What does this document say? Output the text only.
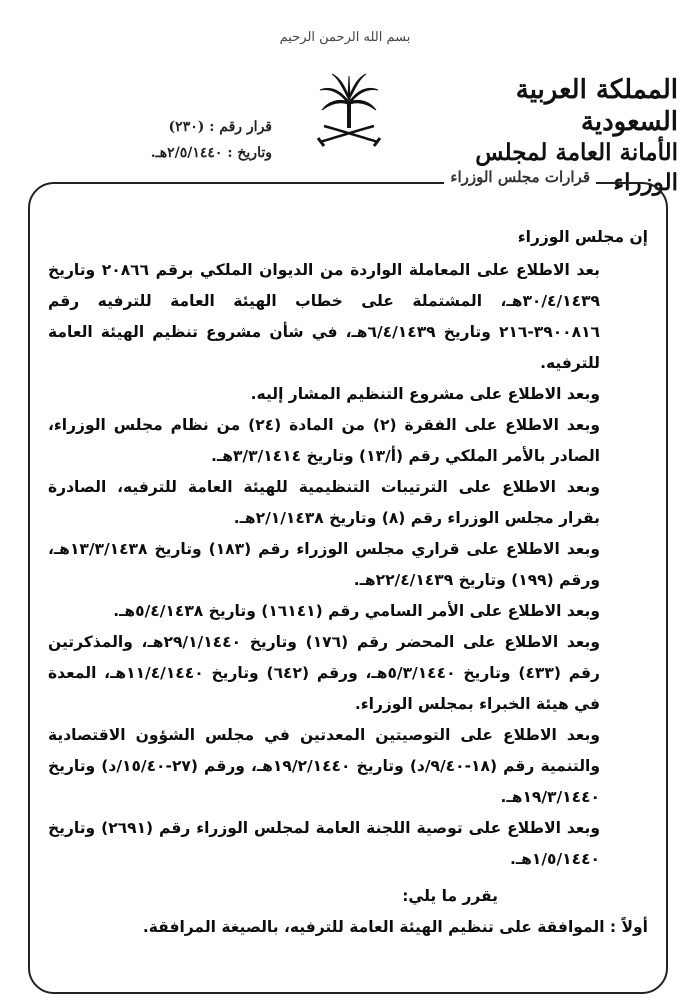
بسم الله الرحمن الرحيم
المملكة العربية السعودية
الأمانة العامة لمجلس الوزراء
قرار رقم : (٢٣٠)
وتاريخ : ٢/٥/١٤٤٠هـ.
قرارات مجلس الوزراء

إن مجلس الوزراء

بعد الاطلاع على المعاملة الواردة من الديوان الملكي برقم ٢٠٨٦٦ وتاريخ ٣٠/٤/١٤٣٩هـ، المشتملة على خطاب الهيئة العامة للترفيه رقم ٣٩٠٠٨١٦-٢١٦ وتاريخ ٦/٤/١٤٣٩هـ، في شأن مشروع تنظيم الهيئة العامة للترفيه.

وبعد الاطلاع على مشروع التنظيم المشار إليه.

وبعد الاطلاع على الفقرة (٢) من المادة (٢٤) من نظام مجلس الوزراء، الصادر بالأمر الملكي رقم (أ/١٣) وتاريخ ٣/٣/١٤١٤هـ.

وبعد الاطلاع على الترتيبات التنظيمية للهيئة العامة للترفيه، الصادرة بقرار مجلس الوزراء رقم (٨) وتاريخ ٢/١/١٤٣٨هـ.

وبعد الاطلاع على قراري مجلس الوزراء رقم (١٨٣) وتاريخ ١٣/٣/١٤٣٨هـ، ورقم (١٩٩) وتاريخ ٢٢/٤/١٤٣٩هـ.

وبعد الاطلاع على الأمر السامي رقم (١٦١٤١) وتاريخ ٥/٤/١٤٣٨هـ.

وبعد الاطلاع على المحضر رقم (١٧٦) وتاريخ ٢٩/١/١٤٤٠هـ، والمذكرتين رقم (٤٣٣) وتاريخ ٥/٣/١٤٤٠هـ، ورقم (٦٤٢) وتاريخ ١١/٤/١٤٤٠هـ، المعدة في هيئة الخبراء بمجلس الوزراء.

وبعد الاطلاع على التوصيتين المعدتين في مجلس الشؤون الاقتصادية والتنمية رقم (١٨-٩/٤٠/د) وتاريخ ١٩/٢/١٤٤٠هـ، ورقم (٢٧-١٥/٤٠/د) وتاريخ ١٩/٣/١٤٤٠هـ.

وبعد الاطلاع على توصية اللجنة العامة لمجلس الوزراء رقم (٢٦٩١) وتاريخ ١/٥/١٤٤٠هـ.

يقرر ما يلي:

أولاً : الموافقة على تنظيم الهيئة العامة للترفيه، بالصيغة المرافقة.
